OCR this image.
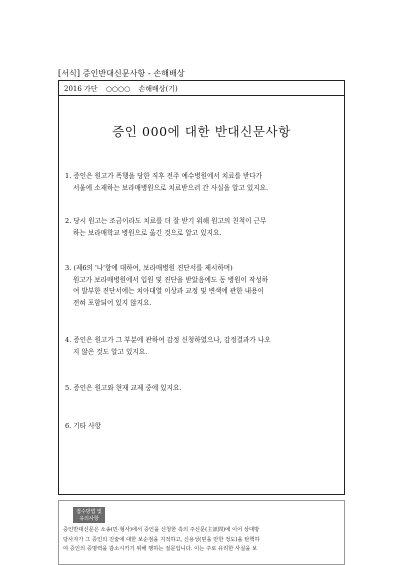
[서식] 증인반대신문사항 - 손해배상
2016 가단 ○○○○ 손해배상(기)
증인 000에 대한 반대신문사항
1. 증인은 원고가 폭행을 당한 직후 전주 예수병원에서 치료를 받다가
서울에 소재하는 보라매병원으로 치료받으러 간 사실을 알고 있지요.
2. 당시 원고는 조금이라도 치료를 더 잘 받기 위해 원고의 친척이 근무
하는 보라매학교 병원으로 옮긴 것으로 알고 있지요.
3. (제6의 '나'항에 대하여, 보라매병원 진단서를 제시하며)
원고가 보라매병원에서 입원 및 진단을 받았음에도 동 병원이 작성하
여 발부한 진단서에는 치아대열 이상과 교정 및 변색에 관한 내용이
전혀 포함되어 있지 않지요.
4. 증인은 원고가 그 부분에 관하여 감정 신청하였으나, 감정결과가 나오
지 않은 것도 알고 있지요.
5. 증인은 원고와 현재 교제 중에 있지요.
6. 기타 사항
접수방법 및
유의사항
증인반대신문은 소송(민·형사)에서 증인을 신청한 측의 주신문(主訊問)에 이어 상대방
당사자가 그 증인의 진술에 대한 보순점을 지적하고, 신용성(믿을 만한 정도)을 탄핵하
여 증인의 증명력을 감소시키기 위해 행하는 질문입니다. 이는 주로 유리한 사실을 보
